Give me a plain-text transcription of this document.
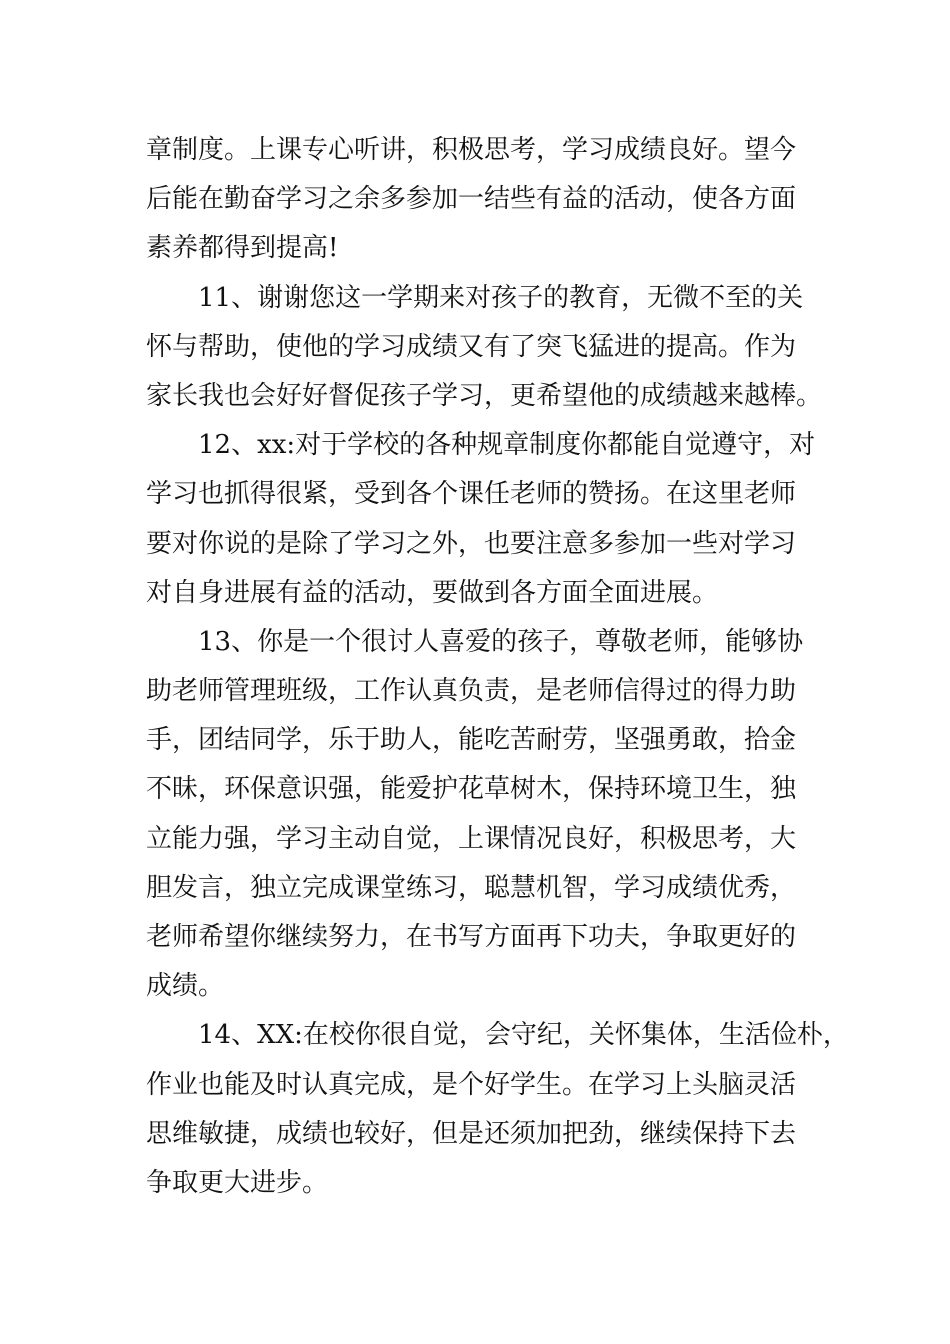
章制度。上课专心听讲，积极思考，学习成绩良好。望今
后能在勤奋学习之余多参加一结些有益的活动，使各方面
素养都得到提高!
11、谢谢您这一学期来对孩子的教育，无微不至的关
怀与帮助，使他的学习成绩又有了突飞猛进的提高。作为
家长我也会好好督促孩子学习，更希望他的成绩越来越棒。
12、xx:对于学校的各种规章制度你都能自觉遵守，对
学习也抓得很紧，受到各个课任老师的赞扬。在这里老师
要对你说的是除了学习之外，也要注意多参加一些对学习
对自身进展有益的活动，要做到各方面全面进展。
13、你是一个很讨人喜爱的孩子，尊敬老师，能够协
助老师管理班级，工作认真负责，是老师信得过的得力助
手，团结同学，乐于助人，能吃苦耐劳，坚强勇敢，拾金
不昧，环保意识强，能爱护花草树木，保持环境卫生，独
立能力强，学习主动自觉，上课情况良好，积极思考，大
胆发言，独立完成课堂练习，聪慧机智，学习成绩优秀，
老师希望你继续努力，在书写方面再下功夫，争取更好的
成绩。
14、XX:在校你很自觉，会守纪，关怀集体，生活俭朴，
作业也能及时认真完成，是个好学生。在学习上头脑灵活
思维敏捷，成绩也较好，但是还须加把劲，继续保持下去
争取更大进步。
